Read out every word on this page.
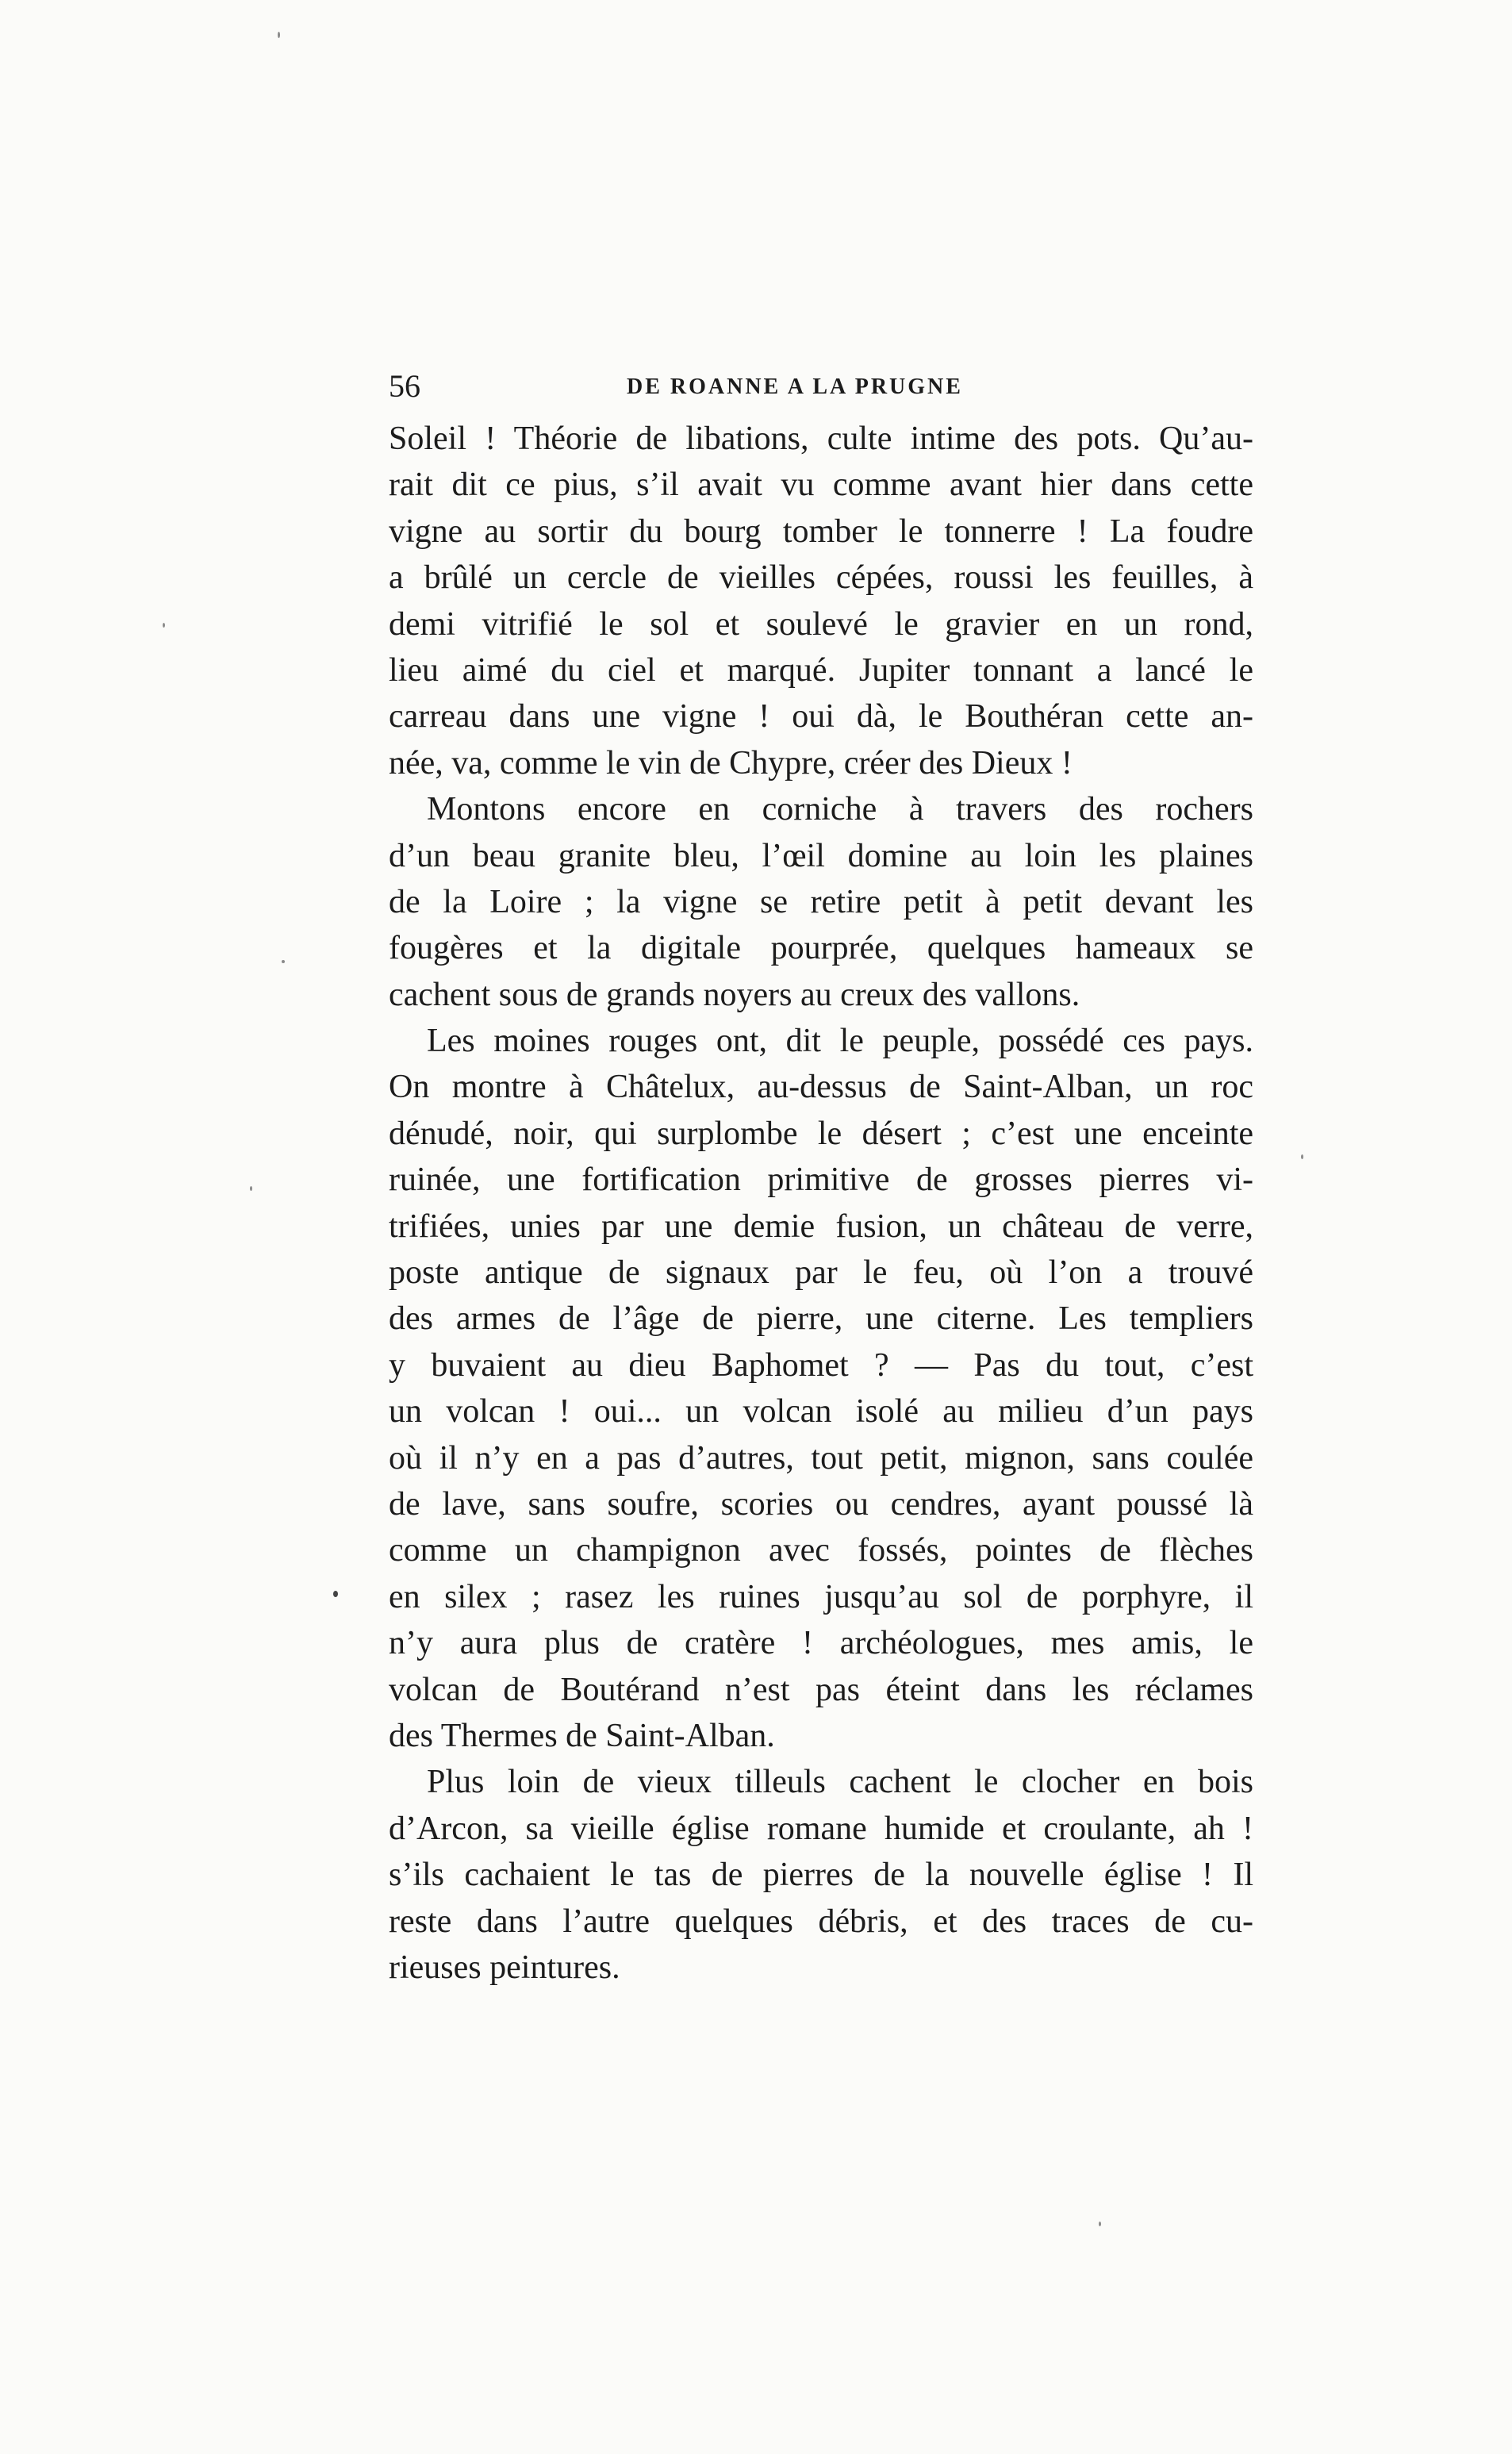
56	DE ROANNE A LA PRUGNE
Soleil ! Théorie de libations, culte intime des pots. Qu’au-
rait dit ce pius, s’il avait vu comme avant hier dans cette
vigne au sortir du bourg tomber le tonnerre ! La foudre
a brûlé un cercle de vieilles cépées, roussi les feuilles, à
demi vitrifié le sol et soulevé le gravier en un rond,
lieu aimé du ciel et marqué. Jupiter tonnant a lancé le
carreau dans une vigne ! oui dà, le Bouthéran cette an-
née, va, comme le vin de Chypre, créer des Dieux !
Montons encore en corniche à travers des rochers
d’un beau granite bleu, l’œil domine au loin les plaines
de la Loire ; la vigne se retire petit à petit devant les
fougères et la digitale pourprée, quelques hameaux se
cachent sous de grands noyers au creux des vallons.
Les moines rouges ont, dit le peuple, possédé ces pays.
On montre à Châtelux, au-dessus de Saint-Alban, un roc
dénudé, noir, qui surplombe le désert ; c’est une enceinte
ruinée, une fortification primitive de grosses pierres vi-
trifiées, unies par une demie fusion, un château de verre,
poste antique de signaux par le feu, où l’on a trouvé
des armes de l’âge de pierre, une citerne. Les templiers
y buvaient au dieu Baphomet ? — Pas du tout, c’est
un volcan ! oui... un volcan isolé au milieu d’un pays
où il n’y en a pas d’autres, tout petit, mignon, sans coulée
de lave, sans soufre, scories ou cendres, ayant poussé là
comme un champignon avec fossés, pointes de flèches
en silex ; rasez les ruines jusqu’au sol de porphyre, il
n’y aura plus de cratère ! archéologues, mes amis, le
volcan de Boutérand n’est pas éteint dans les réclames
des Thermes de Saint-Alban.
Plus loin de vieux tilleuls cachent le clocher en bois
d’Arcon, sa vieille église romane humide et croulante, ah !
s’ils cachaient le tas de pierres de la nouvelle église ! Il
reste dans l’autre quelques débris, et des traces de cu-
rieuses peintures.
